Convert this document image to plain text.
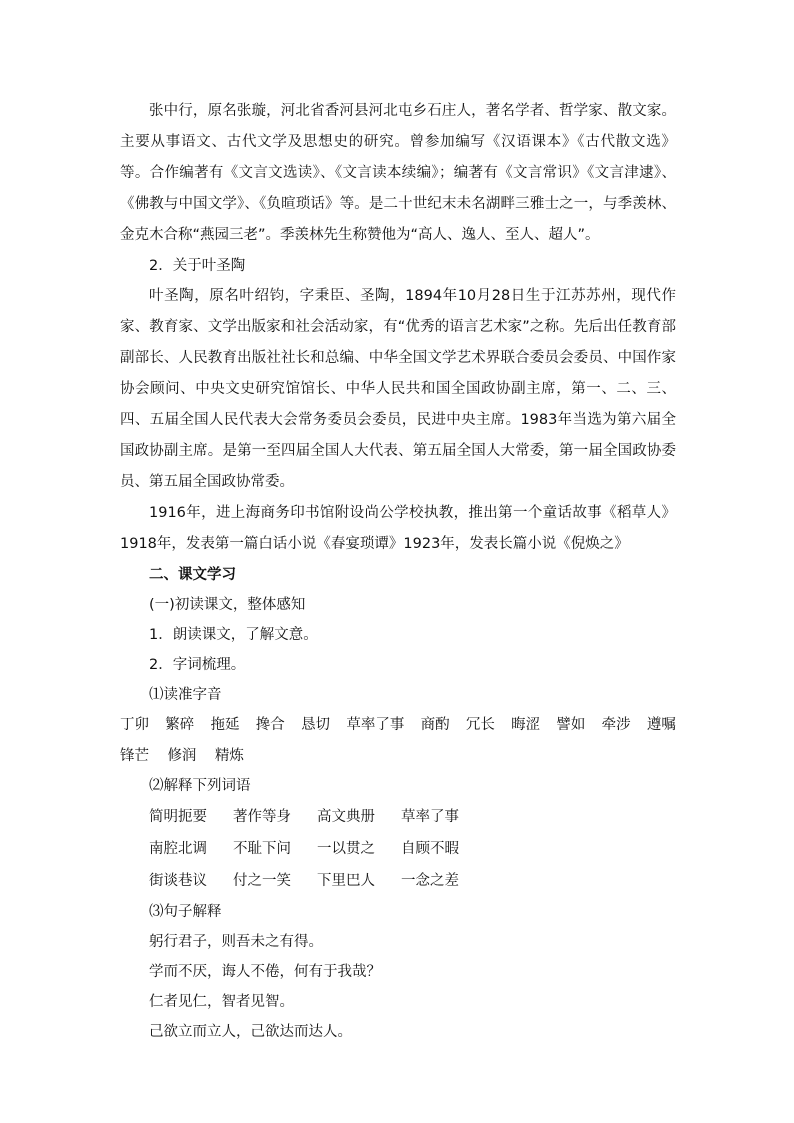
张中行，原名张璇，河北省香河县河北屯乡石庄人，著名学者、哲学家、散文家。主要从事语文、古代文学及思想史的研究。曾参加编写《汉语课本》《古代散文选》等。合作编著有《文言文选读》、《文言读本续编》；编著有《文言常识》《文言津逮》、《佛教与中国文学》、《负暄琐话》等。是二十世纪末未名湖畔三雅士之一，与季羡林、金克木合称“燕园三老”。季羡林先生称赞他为“高人、逸人、至人、超人”。
2．关于叶圣陶
叶圣陶，原名叶绍钧，字秉臣、圣陶，1894年10月28日生于江苏苏州，现代作家、教育家、文学出版家和社会活动家，有“优秀的语言艺术家”之称。先后出任教育部副部长、人民教育出版社社长和总编、中华全国文学艺术界联合委员会委员、中国作家协会顾问、中央文史研究馆馆长、中华人民共和国全国政协副主席，第一、二、三、四、五届全国人民代表大会常务委员会委员，民进中央主席。1983年当选为第六届全国政协副主席。是第一至四届全国人大代表、第五届全国人大常委，第一届全国政协委员、第五届全国政协常委。
1916年，进上海商务印书馆附设尚公学校执教，推出第一个童话故事《稻草人》1918年，发表第一篇白话小说《春宴琐谭》1923年，发表长篇小说《倪焕之》
二、课文学习
(一)初读课文，整体感知
1．朗读课文，了解文意。
2．字词梳理。
⑴读准字音
丁卯 繁碎 拖延 搀合 恳切 草率了事 商酌 冗长 晦涩 譬如 牵涉 遵嘱
锋芒 修润 精炼
⑵解释下列词语
简明扼要	著作等身	高文典册	草率了事
南腔北调	不耻下问	一以贯之	自顾不暇
街谈巷议	付之一笑	下里巴人	一念之差
⑶句子解释
躬行君子，则吾未之有得。
学而不厌，诲人不倦，何有于我哉？
仁者见仁，智者见智。
己欲立而立人，己欲达而达人。
